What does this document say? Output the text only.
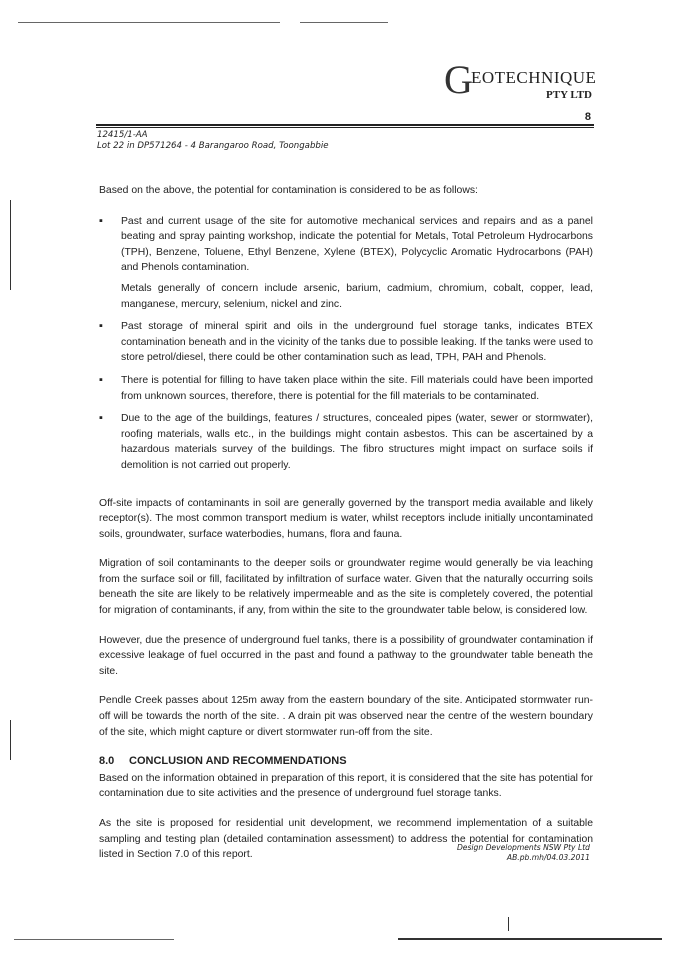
G
EOTECHNIQUE
PTY LTD
8
12415/1-AA
Lot 22 in DP571264 - 4 Barangaroo Road, Toongabbie

Based on the above, the potential for contamination is considered to be as follows:

▪ Past and current usage of the site for automotive mechanical services and repairs and as a panel beating and spray painting workshop, indicate the potential for Metals, Total Petroleum Hydrocarbons (TPH), Benzene, Toluene, Ethyl Benzene, Xylene (BTEX), Polycyclic Aromatic Hydrocarbons (PAH) and Phenols contamination.

Metals generally of concern include arsenic, barium, cadmium, chromium, cobalt, copper, lead, manganese, mercury, selenium, nickel and zinc.

▪ Past storage of mineral spirit and oils in the underground fuel storage tanks, indicates BTEX contamination beneath and in the vicinity of the tanks due to possible leaking. If the tanks were used to store petrol/diesel, there could be other contamination such as lead, TPH, PAH and Phenols.

▪ There is potential for filling to have taken place within the site. Fill materials could have been imported from unknown sources, therefore, there is potential for the fill materials to be contaminated.

▪ Due to the age of the buildings, features / structures, concealed pipes (water, sewer or stormwater), roofing materials, walls etc., in the buildings might contain asbestos. This can be ascertained by a hazardous materials survey of the buildings. The fibro structures might impact on surface soils if demolition is not carried out properly.

Off-site impacts of contaminants in soil are generally governed by the transport media available and likely receptor(s). The most common transport medium is water, whilst receptors include initially uncontaminated soils, groundwater, surface waterbodies, humans, flora and fauna.

Migration of soil contaminants to the deeper soils or groundwater regime would generally be via leaching from the surface soil or fill, facilitated by infiltration of surface water. Given that the naturally occurring soils beneath the site are likely to be relatively impermeable and as the site is completely covered, the potential for migration of contaminants, if any, from within the site to the groundwater table below, is considered low.

However, due the presence of underground fuel tanks, there is a possibility of groundwater contamination if excessive leakage of fuel occurred in the past and found a pathway to the groundwater table beneath the site.

Pendle Creek passes about 125m away from the eastern boundary of the site. Anticipated stormwater run-off will be towards the north of the site. . A drain pit was observed near the centre of the western boundary of the site, which might capture or divert stormwater run-off from the site.

8.0 CONCLUSION AND RECOMMENDATIONS

Based on the information obtained in preparation of this report, it is considered that the site has potential for contamination due to site activities and the presence of underground fuel storage tanks.

As the site is proposed for residential unit development, we recommend implementation of a suitable sampling and testing plan (detailed contamination assessment) to address the potential for contamination listed in Section 7.0 of this report.

Design Developments NSW Pty Ltd
AB.pb.mh/04.03.2011
